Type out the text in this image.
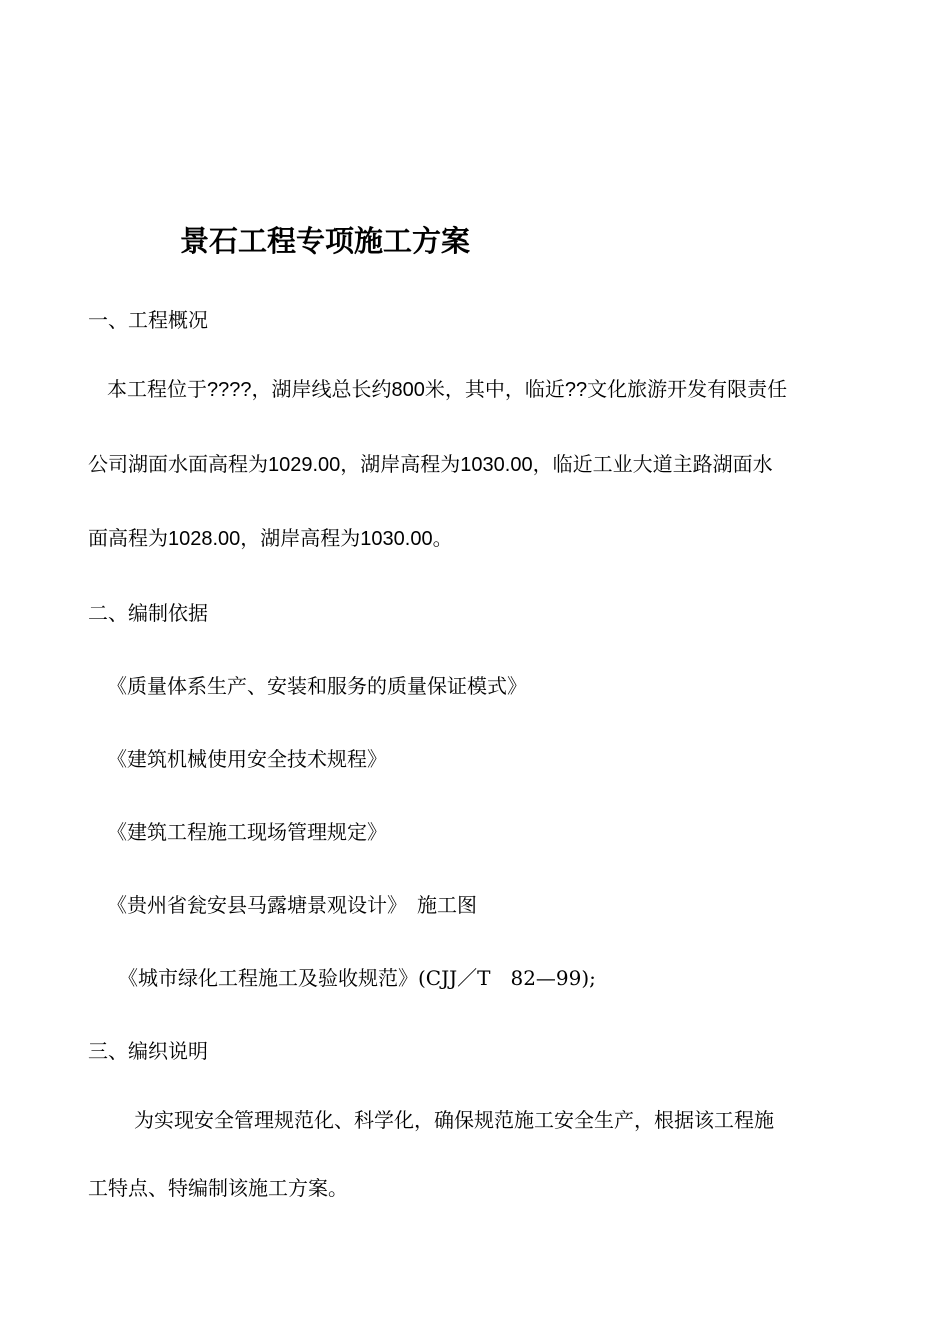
景石工程专项施工方案
一、工程概况
本工程位于????，湖岸线总长约800米，其中，临近??文化旅游开发有限责任
公司湖面水面高程为1029.00，湖岸高程为1030.00，临近工业大道主路湖面水
面高程为1028.00，湖岸高程为1030.00。
二、编制依据
《质量体系生产、安装和服务的质量保证模式》
《建筑机械使用安全技术规程》
《建筑工程施工现场管理规定》
《贵州省瓮安县马露塘景观设计》　施工图
《城市绿化工程施工及验收规范》(CJJ／T　82—99);
三、编织说明
为实现安全管理规范化、科学化，确保规范施工安全生产，根据该工程施
工特点、特编制该施工方案。
